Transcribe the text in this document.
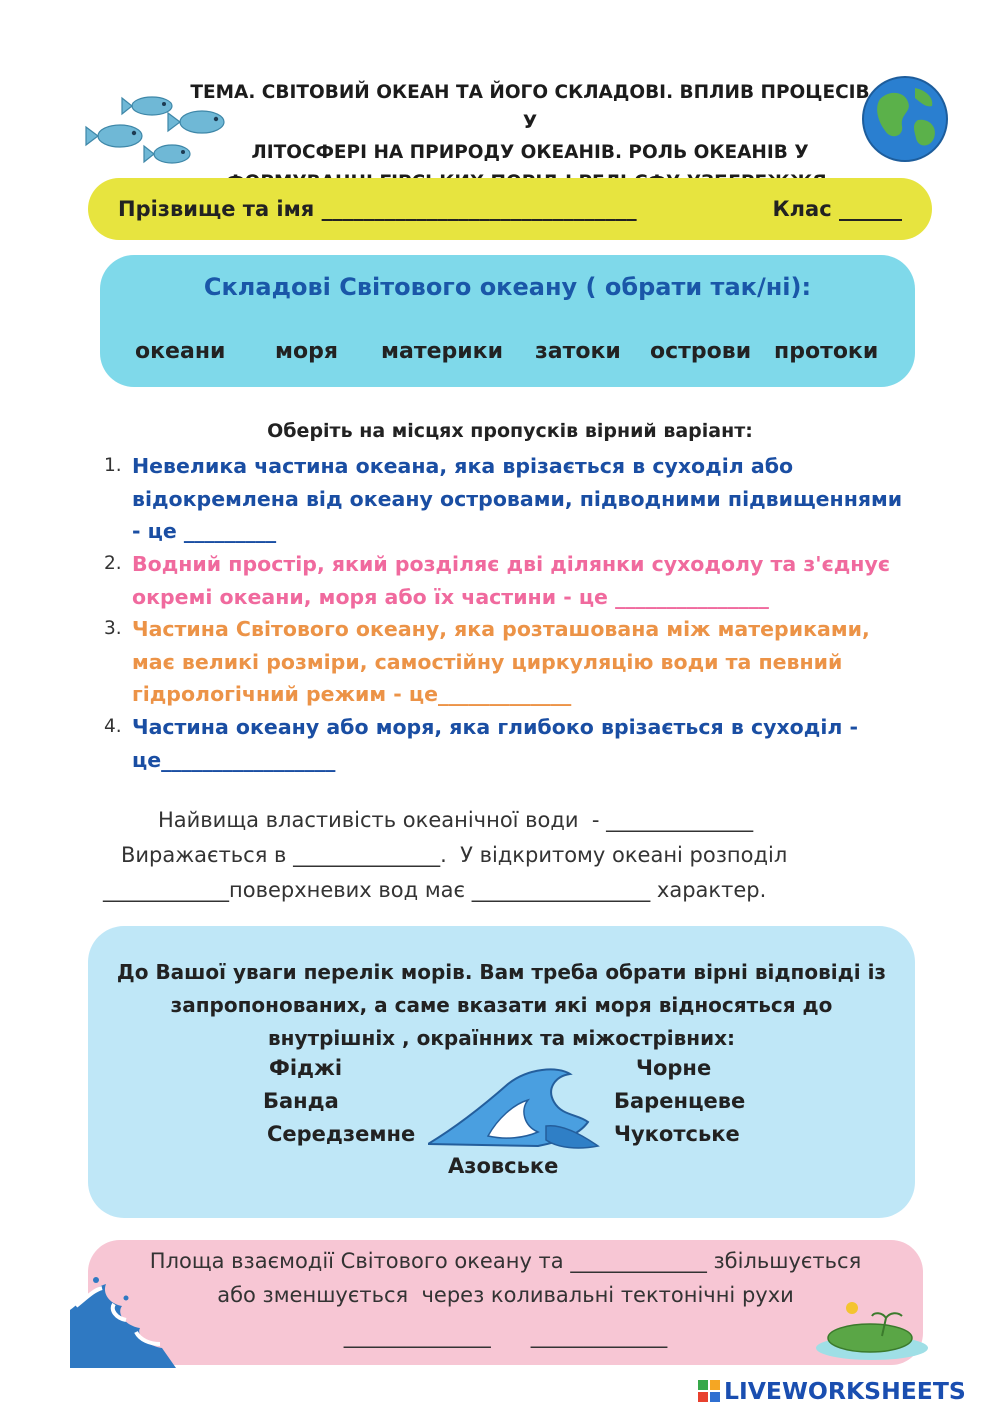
ТЕМА. СВІТОВИЙ ОКЕАН ТА ЙОГО СКЛАДОВІ. ВПЛИВ ПРОЦЕСІВ У
ЛІТОСФЕРІ НА ПРИРОДУ ОКЕАНІВ. РОЛЬ ОКЕАНІВ У
Прізвище та імя ______________________________	Клас ______
Складові Світового океану ( обрати так/ні):
океани моря материки затоки острови протоки
Оберіть на місцях пропусків вірний варіант:
1. Невелика частина океана, яка врізається в суходіл або
відокремлена від океану островами, підводними підвищеннями
- це _________
2. Водний простір, який розділяє дві ділянки суходолу та з'єднує
окремі океани, моря або їх частини - це _______________
3. Частина Світового океану, яка розташована між материками,
має великі розміри, самостійну циркуляцію води та певний
гідрологічний режим - це_____________
4. Частина океану або моря, яка глибоко врізається в суходіл -
це_________________
Найвища властивість океанічної води  - ______________
Виражається в ______________.  У відкритому океані розподіл
____________поверхневих вод має _________________ характер.
До Вашої уваги перелік морів. Вам треба обрати вірні відповіді із
запропонованих, а саме вказати які моря відносяться до
внутрішніх , окраїнних та міжострівних:
Фіджі
Банда
Середземне
Чорне
Баренцеве
Чукотське
Азовське
Площа взаємодії Світового океану та _____________ збільшується
або зменшується  через коливальні тектонічні рухи
______________      _____________
LIVEWORKSHEETS
